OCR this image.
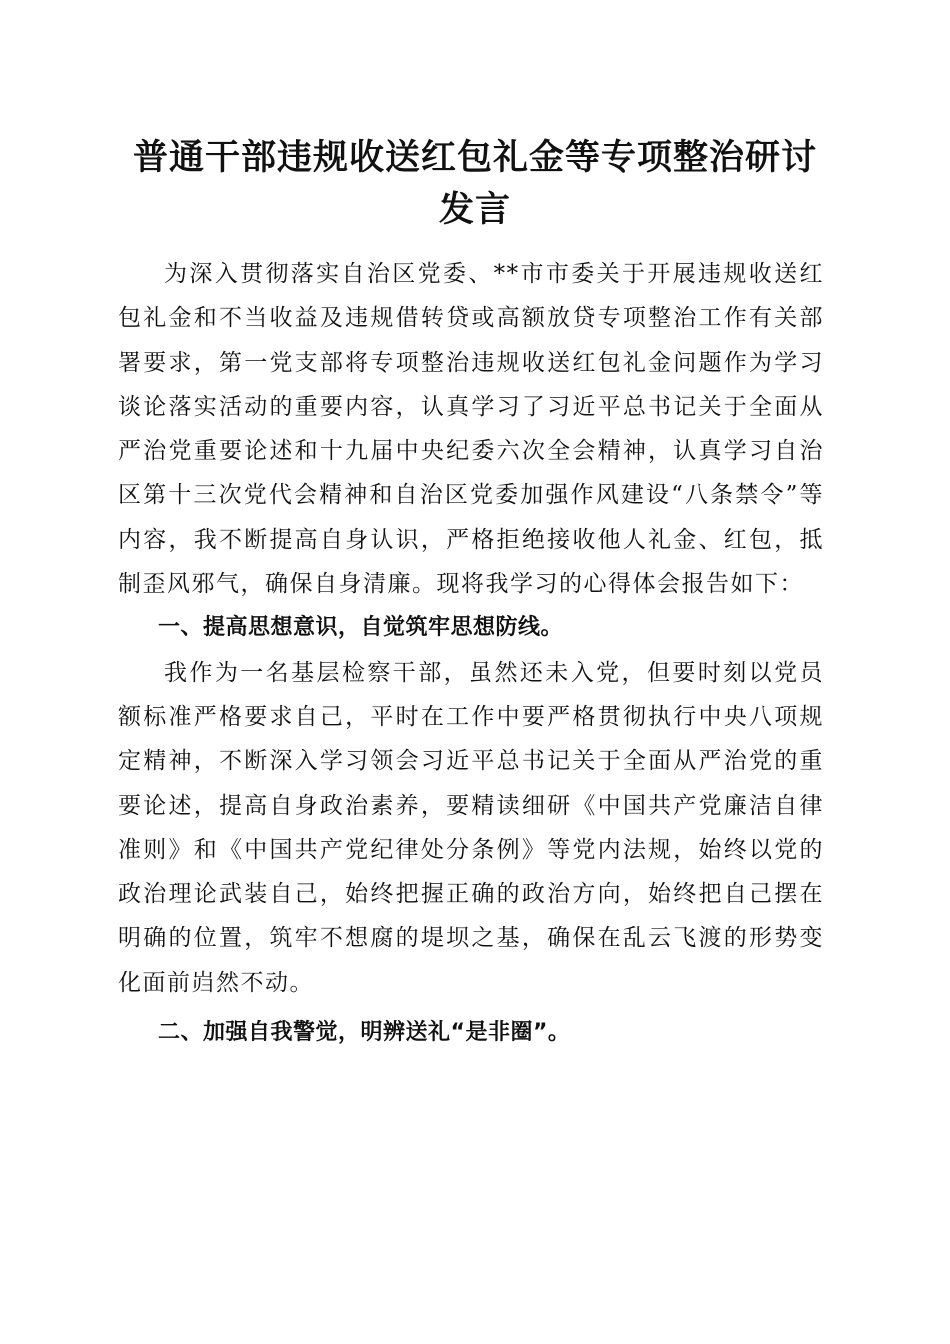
普通干部违规收送红包礼金等专项整治研讨发言

为深入贯彻落实自治区党委、**市市委关于开展违规收送红包礼金和不当收益及违规借转贷或高额放贷专项整治工作有关部署要求，第一党支部将专项整治违规收送红包礼金问题作为学习谈论落实活动的重要内容，认真学习了习近平总书记关于全面从严治党重要论述和十九届中央纪委六次全会精神，认真学习自治区第十三次党代会精神和自治区党委加强作风建设“八条禁令”等内容，我不断提高自身认识，严格拒绝接收他人礼金、红包，抵制歪风邪气，确保自身清廉。现将我学习的心得体会报告如下：

一、提高思想意识，自觉筑牢思想防线。

我作为一名基层检察干部，虽然还未入党，但要时刻以党员额标准严格要求自己，平时在工作中要严格贯彻执行中央八项规定精神，不断深入学习领会习近平总书记关于全面从严治党的重要论述，提高自身政治素养，要精读细研《中国共产党廉洁自律准则》和《中国共产党纪律处分条例》等党内法规，始终以党的政治理论武装自己，始终把握正确的政治方向，始终把自己摆在明确的位置，筑牢不想腐的堤坝之基，确保在乱云飞渡的形势变化面前岿然不动。

二、加强自我警觉，明辨送礼“是非圈”。
